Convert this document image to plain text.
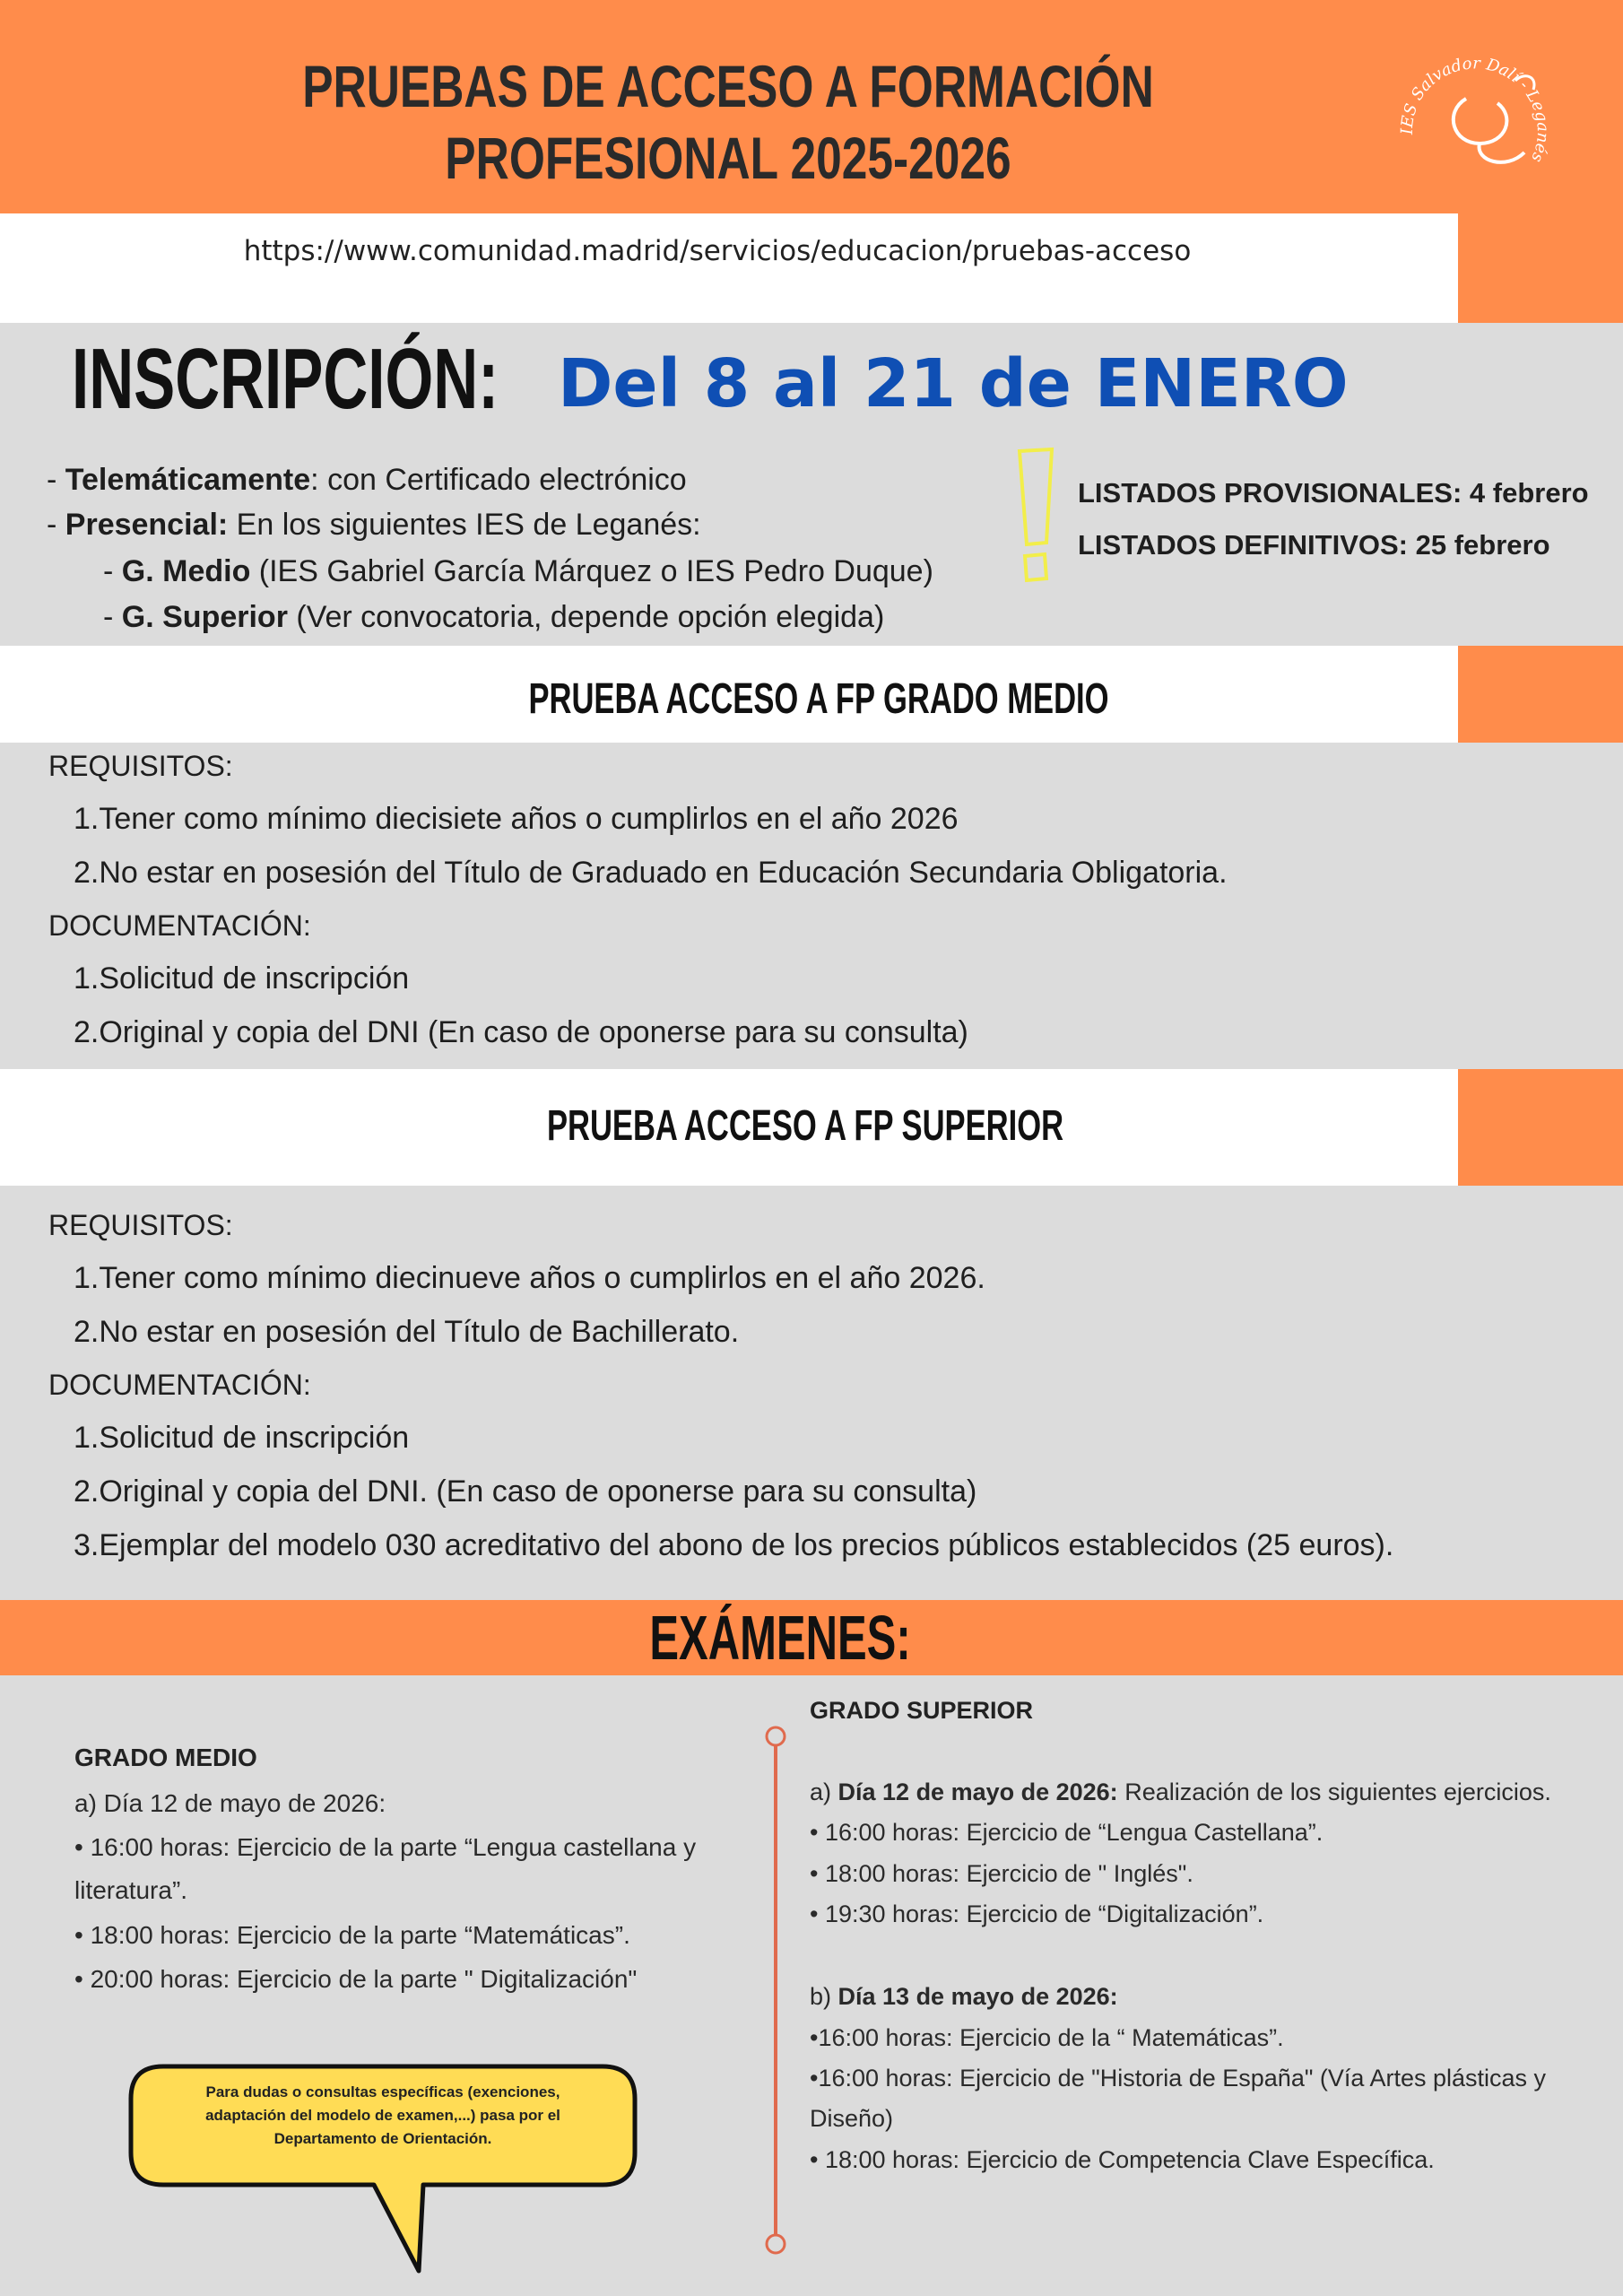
PRUEBAS DE ACCESO A FORMACIÓN
PROFESIONAL 2025-2026	IES Salvador Dalí - Leganés
https://www.comunidad.madrid/servicios/educacion/pruebas-acceso
INSCRIPCIÓN: Del 8 al 21 de ENERO
- Telemáticamente: con Certificado electrónico
- Presencial: En los siguientes IES de Leganés:
- G. Medio (IES Gabriel García Márquez o IES Pedro Duque)
- G. Superior (Ver convocatoria, depende opción elegida)
LISTADOS PROVISIONALES: 4 febrero
LISTADOS DEFINITIVOS: 25 febrero
PRUEBA ACCESO A FP GRADO MEDIO
REQUISITOS:
1.Tener como mínimo diecisiete años o cumplirlos en el año 2026
2.No estar en posesión del Título de Graduado en Educación Secundaria Obligatoria.
DOCUMENTACIÓN:
1.Solicitud de inscripción
2.Original y copia del DNI (En caso de oponerse para su consulta)
PRUEBA ACCESO A FP SUPERIOR
REQUISITOS:
1.Tener como mínimo diecinueve años o cumplirlos en el año 2026.
2.No estar en posesión del Título de Bachillerato.
DOCUMENTACIÓN:
1.Solicitud de inscripción
2.Original y copia del DNI. (En caso de oponerse para su consulta)
3.Ejemplar del modelo 030 acreditativo del abono de los precios públicos establecidos (25 euros).
EXÁMENES:
GRADO MEDIO
a) Día 12 de mayo de 2026:
• 16:00 horas: Ejercicio de la parte “Lengua castellana y
literatura”.
• 18:00 horas: Ejercicio de la parte “Matemáticas”.
• 20:00 horas: Ejercicio de la parte " Digitalización"
GRADO SUPERIOR
a) Día 12 de mayo de 2026: Realización de los siguientes ejercicios.
• 16:00 horas: Ejercicio de “Lengua Castellana”.
• 18:00 horas: Ejercicio de " Inglés".
• 19:30 horas: Ejercicio de “Digitalización”.
b) Día 13 de mayo de 2026:
•16:00 horas: Ejercicio de la “ Matemáticas”.
•16:00 horas: Ejercicio de "Historia de España" (Vía Artes plásticas y
Diseño)
• 18:00 horas: Ejercicio de Competencia Clave Específica.
Para dudas o consultas específicas (exenciones, adaptación del modelo de examen,...) pasa por el Departamento de Orientación.
